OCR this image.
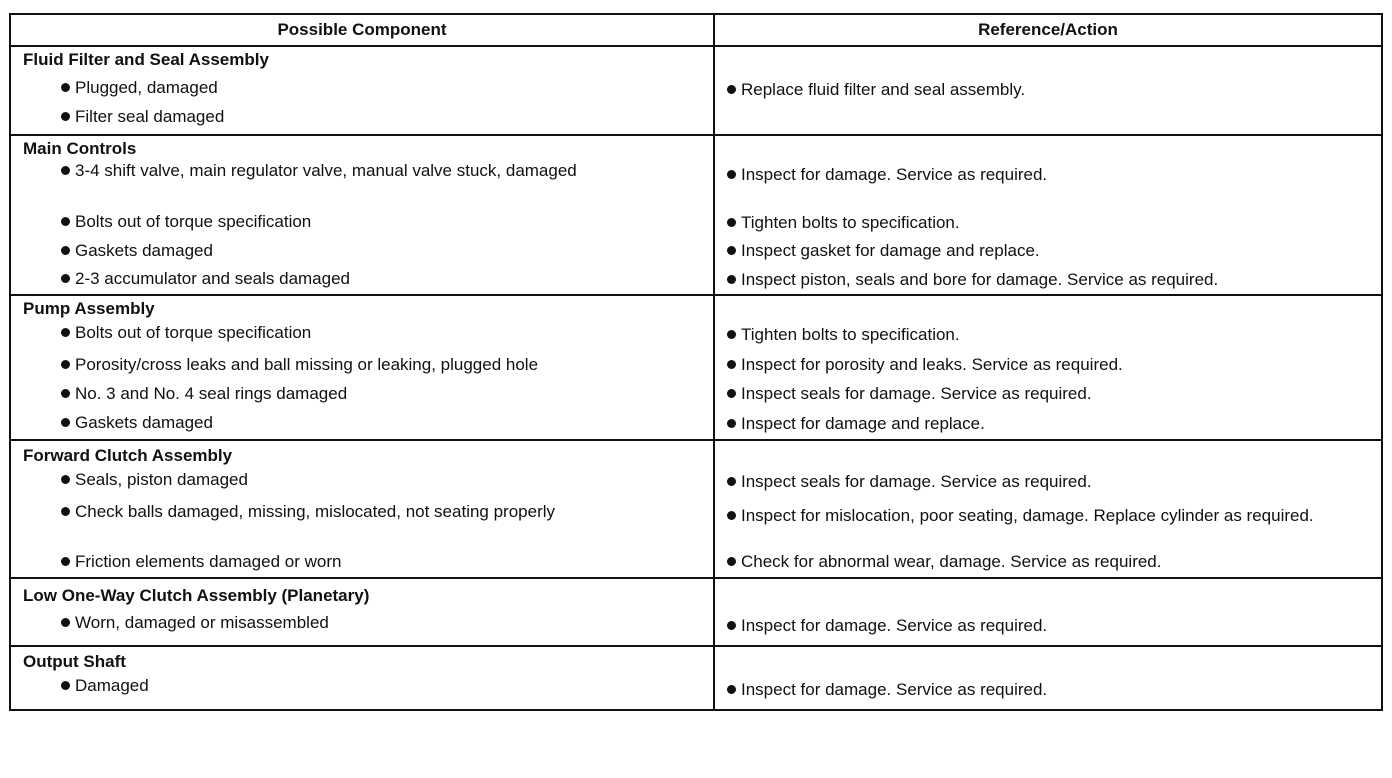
Possible Component	Reference/Action

Fluid Filter and Seal Assembly	

Plugged, damaged	Replace fluid filter and seal assembly.

Filter seal damaged	

Main Controls	

3-4 shift valve, main regulator valve, manual valve stuck, damaged	Inspect for damage. Service as required.

Bolts out of torque specification	Tighten bolts to specification.

Gaskets damaged	Inspect gasket for damage and replace.

2-3 accumulator and seals damaged	Inspect piston, seals and bore for damage. Service as required.

Pump Assembly	

Bolts out of torque specification	Tighten bolts to specification.

Porosity/cross leaks and ball missing or leaking, plugged hole	Inspect for porosity and leaks. Service as required.

No. 3 and No. 4 seal rings damaged	Inspect seals for damage. Service as required.

Gaskets damaged	Inspect for damage and replace.

Forward Clutch Assembly	

Seals, piston damaged	Inspect seals for damage. Service as required.

Check balls damaged, missing, mislocated, not seating properly	Inspect for mislocation, poor seating, damage. Replace cylinder as required.

Friction elements damaged or worn	Check for abnormal wear, damage. Service as required.

Low One-Way Clutch Assembly (Planetary)	

Worn, damaged or misassembled	Inspect for damage. Service as required.

Output Shaft	

Damaged	Inspect for damage. Service as required.
